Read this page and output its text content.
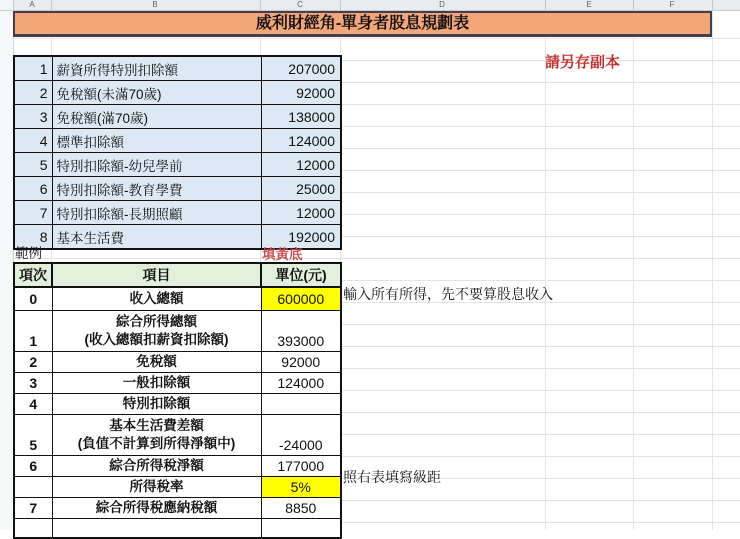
A	B	C	D	E	F
威利財經角-單身者股息規劃表
請另存副本
1	薪資所得特別扣除額	207000
2	免稅額(未滿70歲)	92000
3	免稅額(滿70歲)	138000
4	標準扣除額	124000
5	特別扣除額-幼兒學前	12000
6	特別扣除額-教育學費	25000
7	特別扣除額-長期照顧	12000
8	基本生活費	192000
範例	填黃底
項次	項目	單位(元)
0	收入總額	600000
1	綜合所得總額
(收入總額扣薪資扣除額)	393000
2	免稅額	92000
3	一般扣除額	124000
4	特別扣除額	
5	基本生活費差額
(負值不計算到所得淨額中)	-24000
6	綜合所得稅淨額	177000
	所得稅率	5%
7	綜合所得稅應納稅額	8850

輸入所有所得，先不要算股息收入
照右表填寫級距
